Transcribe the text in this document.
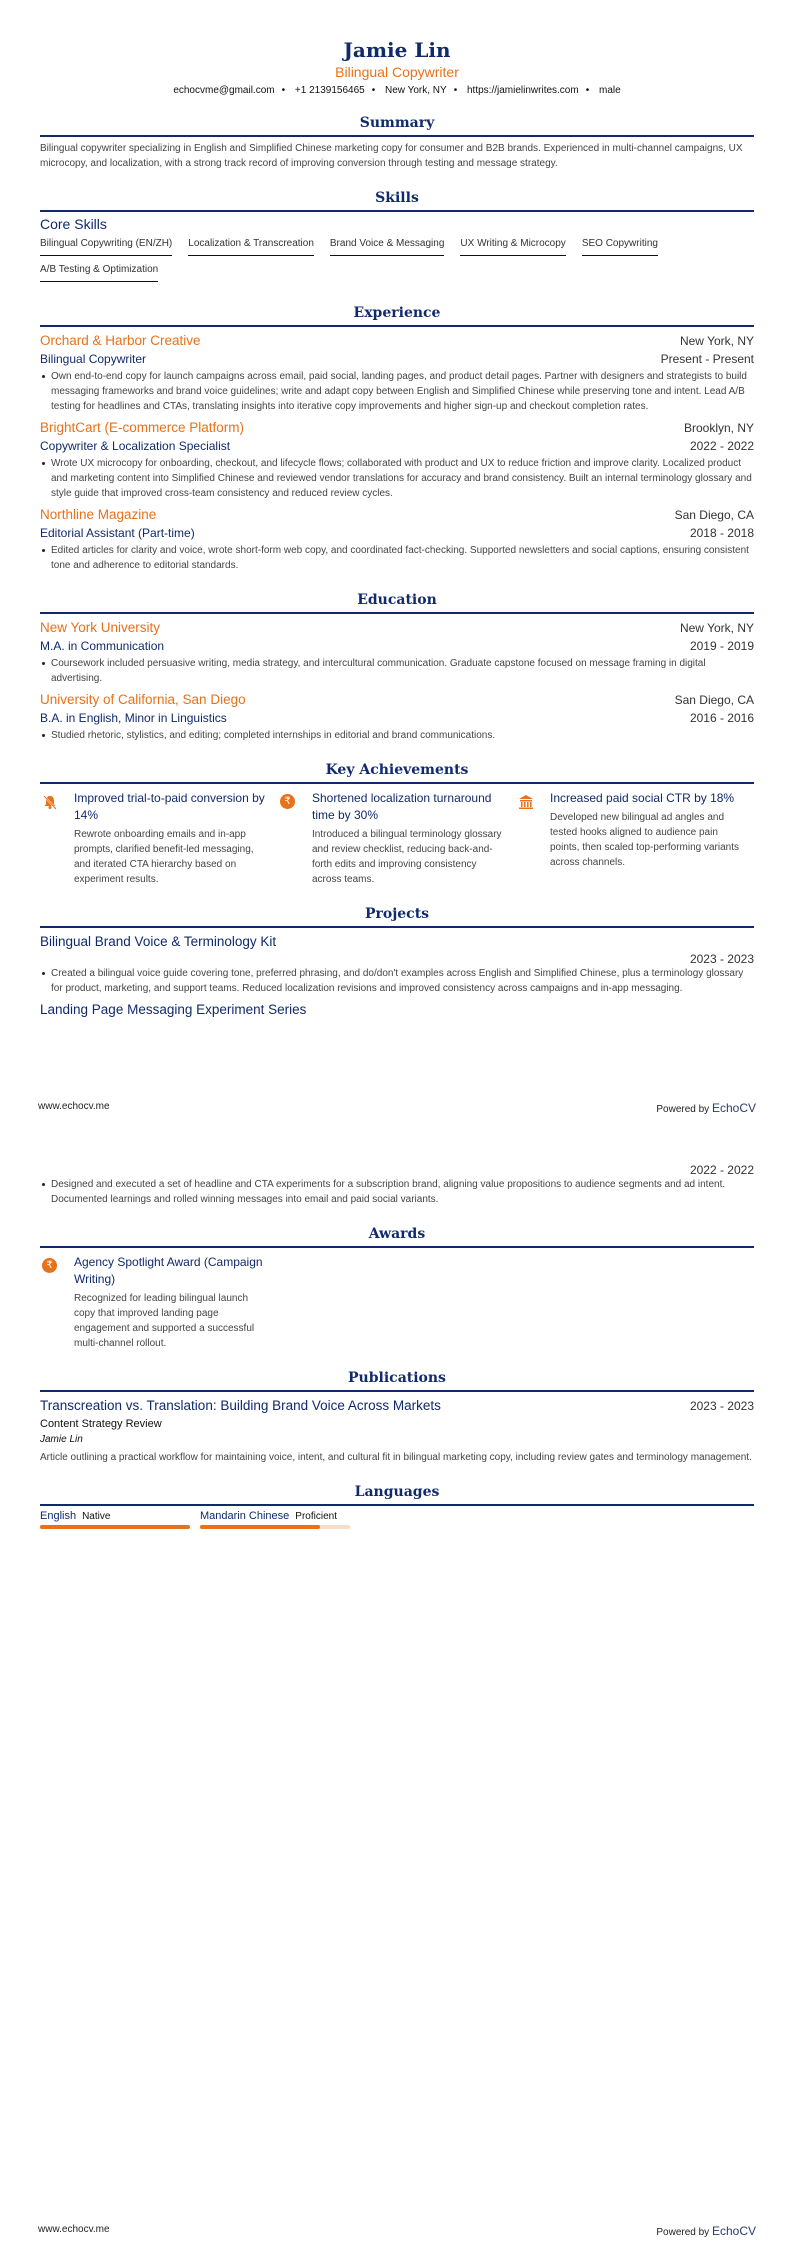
Jamie Lin
Bilingual Copywriter
echocvme@gmail.com • +1 2139156465 • New York, NY • https://jamielinwrites.com • male
Summary

Bilingual copywriter specializing in English and Simplified Chinese marketing copy for consumer and B2B brands. Experienced in multi-channel campaigns, UX microcopy, and localization, with a strong track record of improving conversion through testing and message strategy.

Skills
Core Skills
Bilingual Copywriting (EN/ZH) Localization & Transcreation Brand Voice & Messaging UX Writing & Microcopy SEO Copywriting
A/B Testing & Optimization
Experience
Orchard & Harbor Creative	New York, NY
Bilingual Copywriter	Present - Present
Own end-to-end copy for launch campaigns across email, paid social, landing pages, and product detail pages. Partner with designers and strategists to build messaging frameworks and brand voice guidelines; write and adapt copy between English and Simplified Chinese while preserving tone and intent. Lead A/B testing for headlines and CTAs, translating insights into iterative copy improvements and higher sign-up and checkout completion rates.
BrightCart (E-commerce Platform)	Brooklyn, NY
Copywriter & Localization Specialist	2022 - 2022
Wrote UX microcopy for onboarding, checkout, and lifecycle flows; collaborated with product and UX to reduce friction and improve clarity. Localized product and marketing content into Simplified Chinese and reviewed vendor translations for accuracy and brand consistency. Built an internal terminology glossary and style guide that improved cross-team consistency and reduced review cycles.
Northline Magazine	San Diego, CA
Editorial Assistant (Part-time)	2018 - 2018
Edited articles for clarity and voice, wrote short-form web copy, and coordinated fact-checking. Supported newsletters and social captions, ensuring consistent tone and adherence to editorial standards.
Education
New York University	New York, NY
M.A. in Communication	2019 - 2019
Coursework included persuasive writing, media strategy, and intercultural communication. Graduate capstone focused on message framing in digital advertising.
University of California, San Diego	San Diego, CA
B.A. in English, Minor in Linguistics	2016 - 2016
Studied rhetoric, stylistics, and editing; completed internships in editorial and brand communications.
Key Achievements
Improved trial-to-paid conversion by 14%
Rewrote onboarding emails and in-app prompts, clarified benefit-led messaging, and iterated CTA hierarchy based on experiment results.
₹	Shortened localization turnaround time by 30%
Introduced a bilingual terminology glossary and review checklist, reducing back-and-forth edits and improving consistency across teams.
Increased paid social CTR by 18%
Developed new bilingual ad angles and tested hooks aligned to audience pain points, then scaled top-performing variants across channels.
Projects
Bilingual Brand Voice & Terminology Kit
2023 - 2023
Created a bilingual voice guide covering tone, preferred phrasing, and do/don't examples across English and Simplified Chinese, plus a terminology glossary for product, marketing, and support teams. Reduced localization revisions and improved consistency across campaigns and in-app messaging.
Landing Page Messaging Experiment Series
www.echocv.me	Powered by EchoCV
2022 - 2022
Designed and executed a set of headline and CTA experiments for a subscription brand, aligning value propositions to audience segments and ad intent. Documented learnings and rolled winning messages into email and paid social variants.
Awards
₹	Agency Spotlight Award (Campaign Writing)
Recognized for leading bilingual launch copy that improved landing page engagement and supported a successful multi-channel rollout.
Publications
Transcreation vs. Translation: Building Brand Voice Across Markets	2023 - 2023
Content Strategy Review
Jamie Lin

Article outlining a practical workflow for maintaining voice, intent, and cultural fit in bilingual marketing copy, including review gates and terminology management.

Languages
English Native	Mandarin Chinese Proficient
www.echocv.me	Powered by EchoCV
